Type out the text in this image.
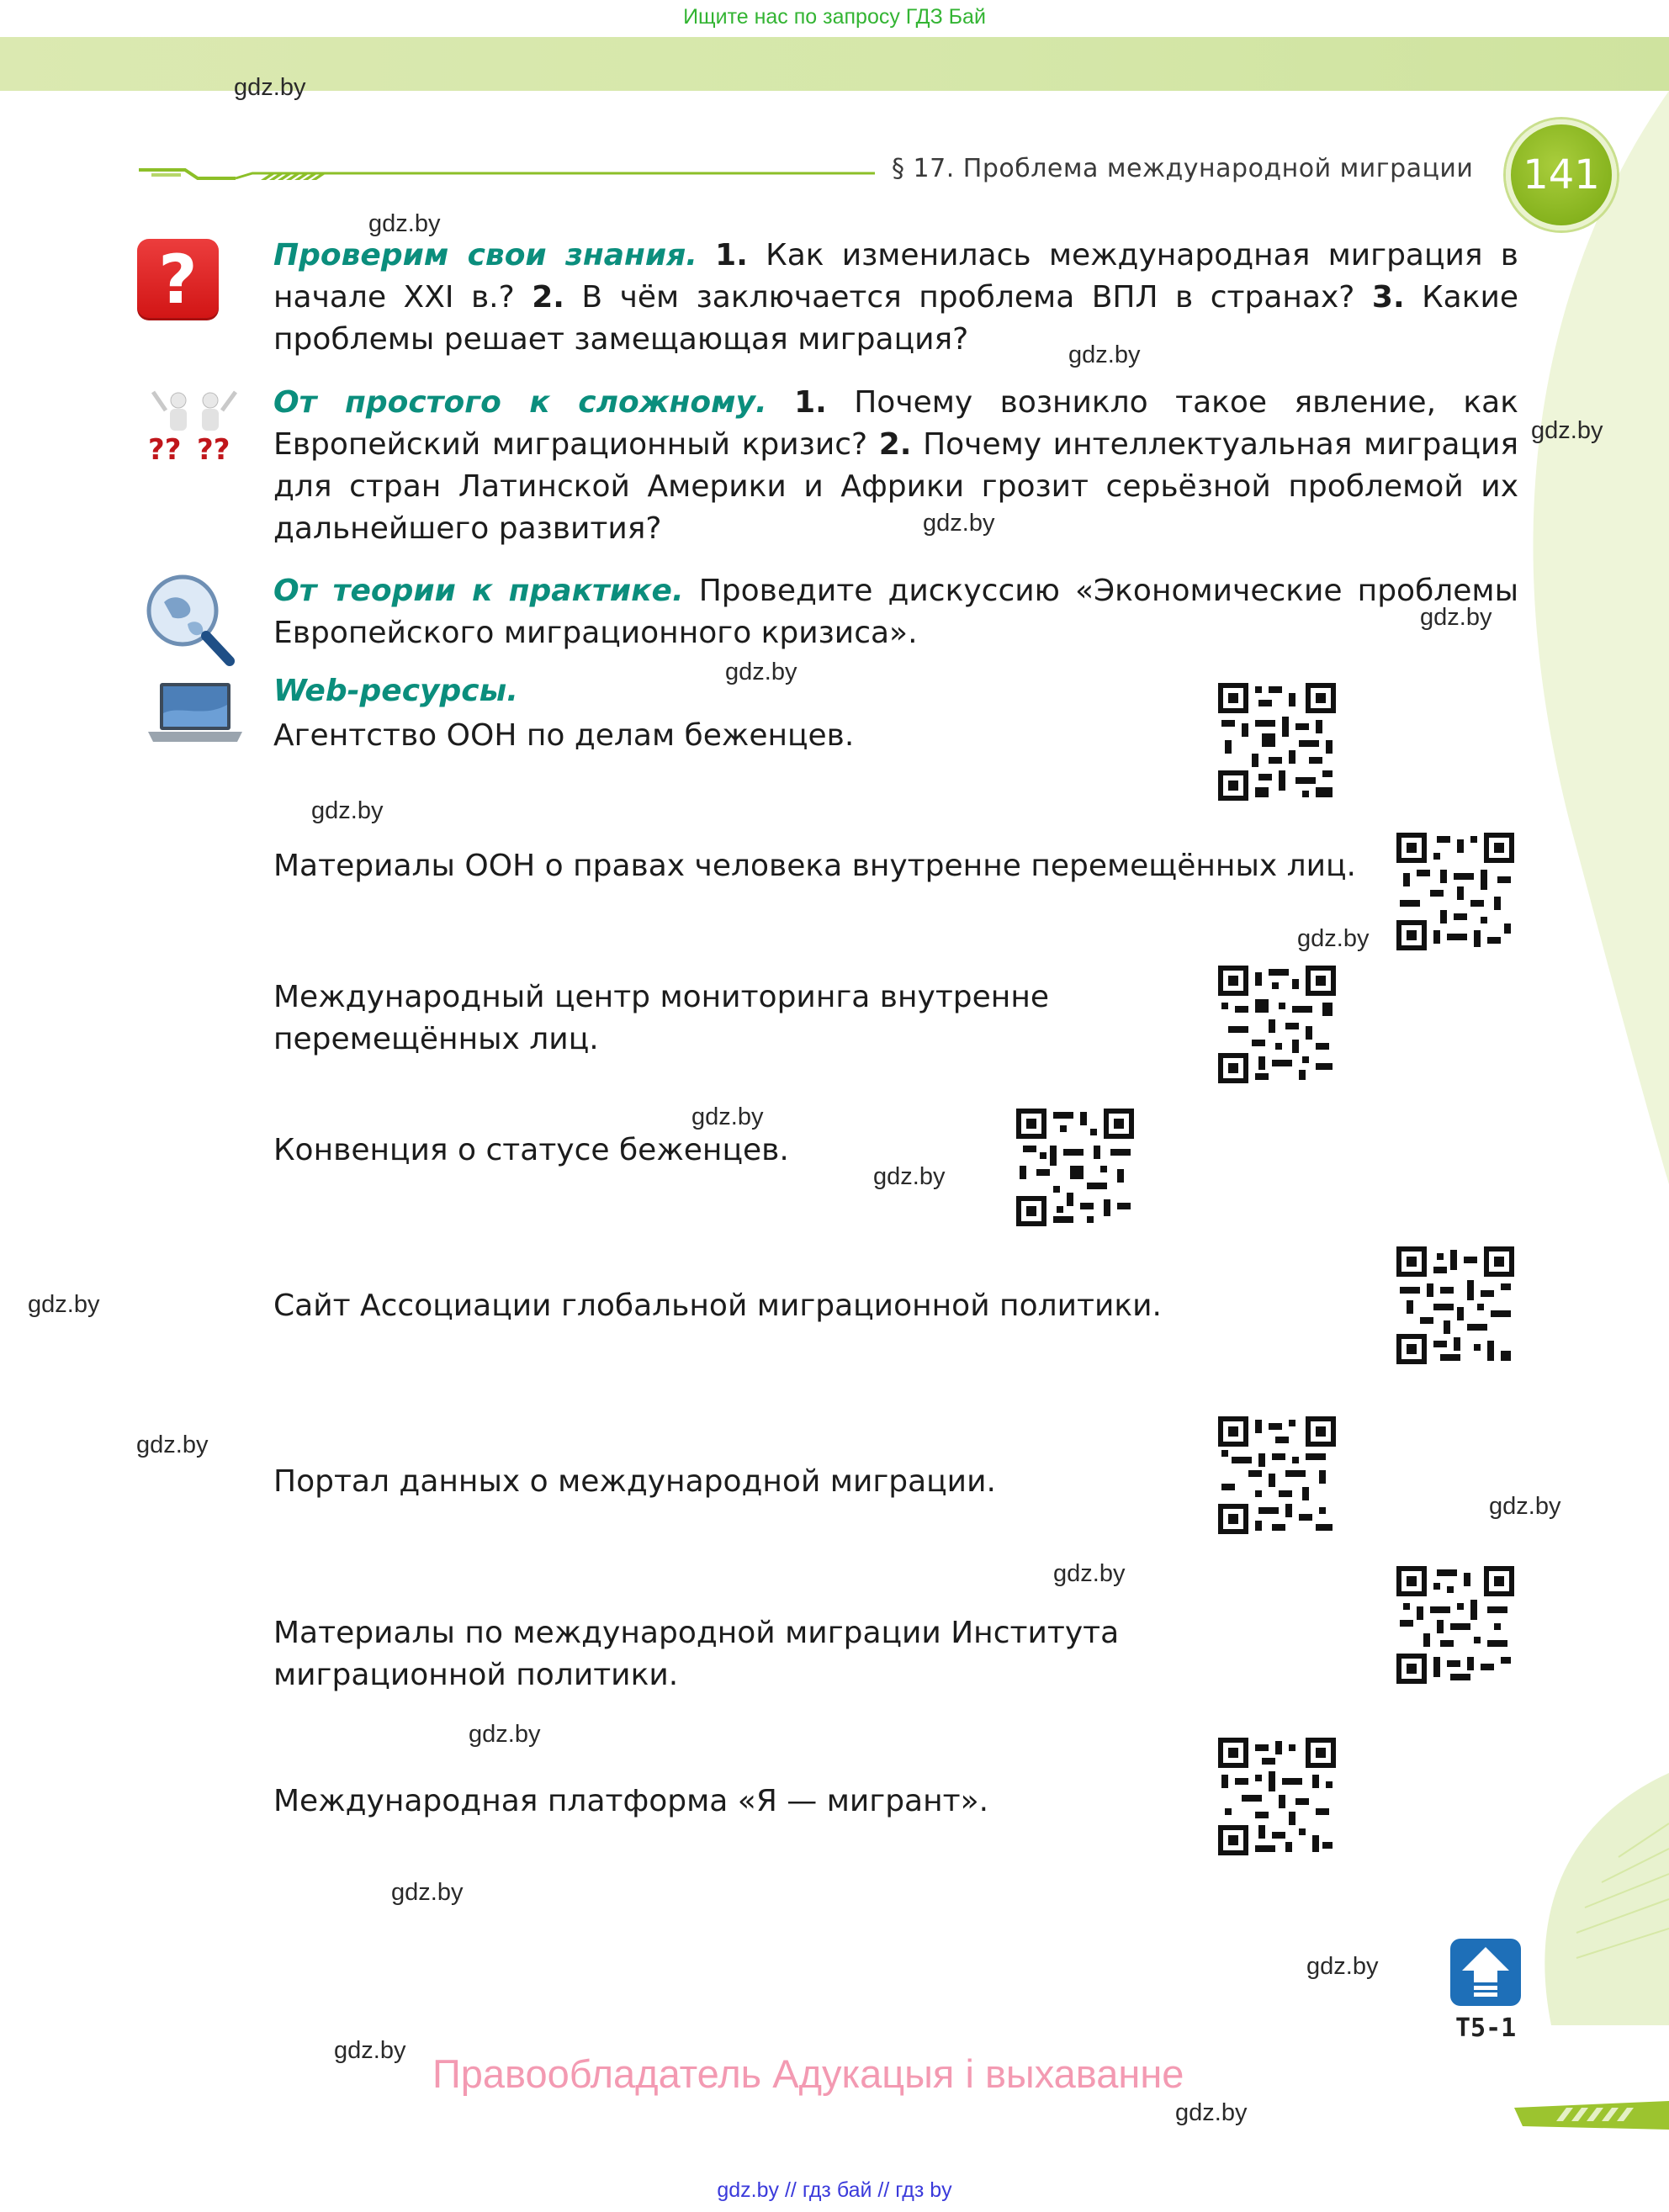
Ищите нас по запросу ГДЗ Бай
§ 17. Проблема международной миграции 141
?
?? ??
Проверим свои знания. 1. Как изменилась международная миграция в начале XXI в.? 2. В чём заключается проблема ВПЛ в странах? 3. Какие проблемы решает замещающая миграция?
От простого к сложному. 1. Почему возникло такое явление, как Европейский миграционный кризис? 2. Почему интеллектуальная миграция для стран Латинской Америки и Африки грозит серьёзной проблемой их дальнейшего развития?
От теории к практике. Проведите дискуссию «Экономические проблемы Европейского миграционного кризиса».
Web-ресурсы.
Агентство ООН по делам беженцев.
Материалы ООН о правах человека внутренне перемещённых лиц.
Международный центр мониторинга внутренне
перемещённых лиц.
Конвенция о статусе беженцев.
Сайт Ассоциации глобальной миграционной политики.
Портал данных о международной миграции.
Материалы по международной миграции Института
миграционной политики.
Международная платформа «Я — мигрант».
gdz.by
gdz.by
gdz.by
gdz.by
gdz.by
gdz.by
gdz.by
gdz.by
gdz.by
gdz.by
gdz.by
gdz.by
gdz.by
gdz.by
gdz.by
gdz.by
gdz.by
gdz.by
gdz.by
gdz.by
T5-1
Правообладатель Адукацыя і выхаванне
gdz.by // гдз бай // гдз by
